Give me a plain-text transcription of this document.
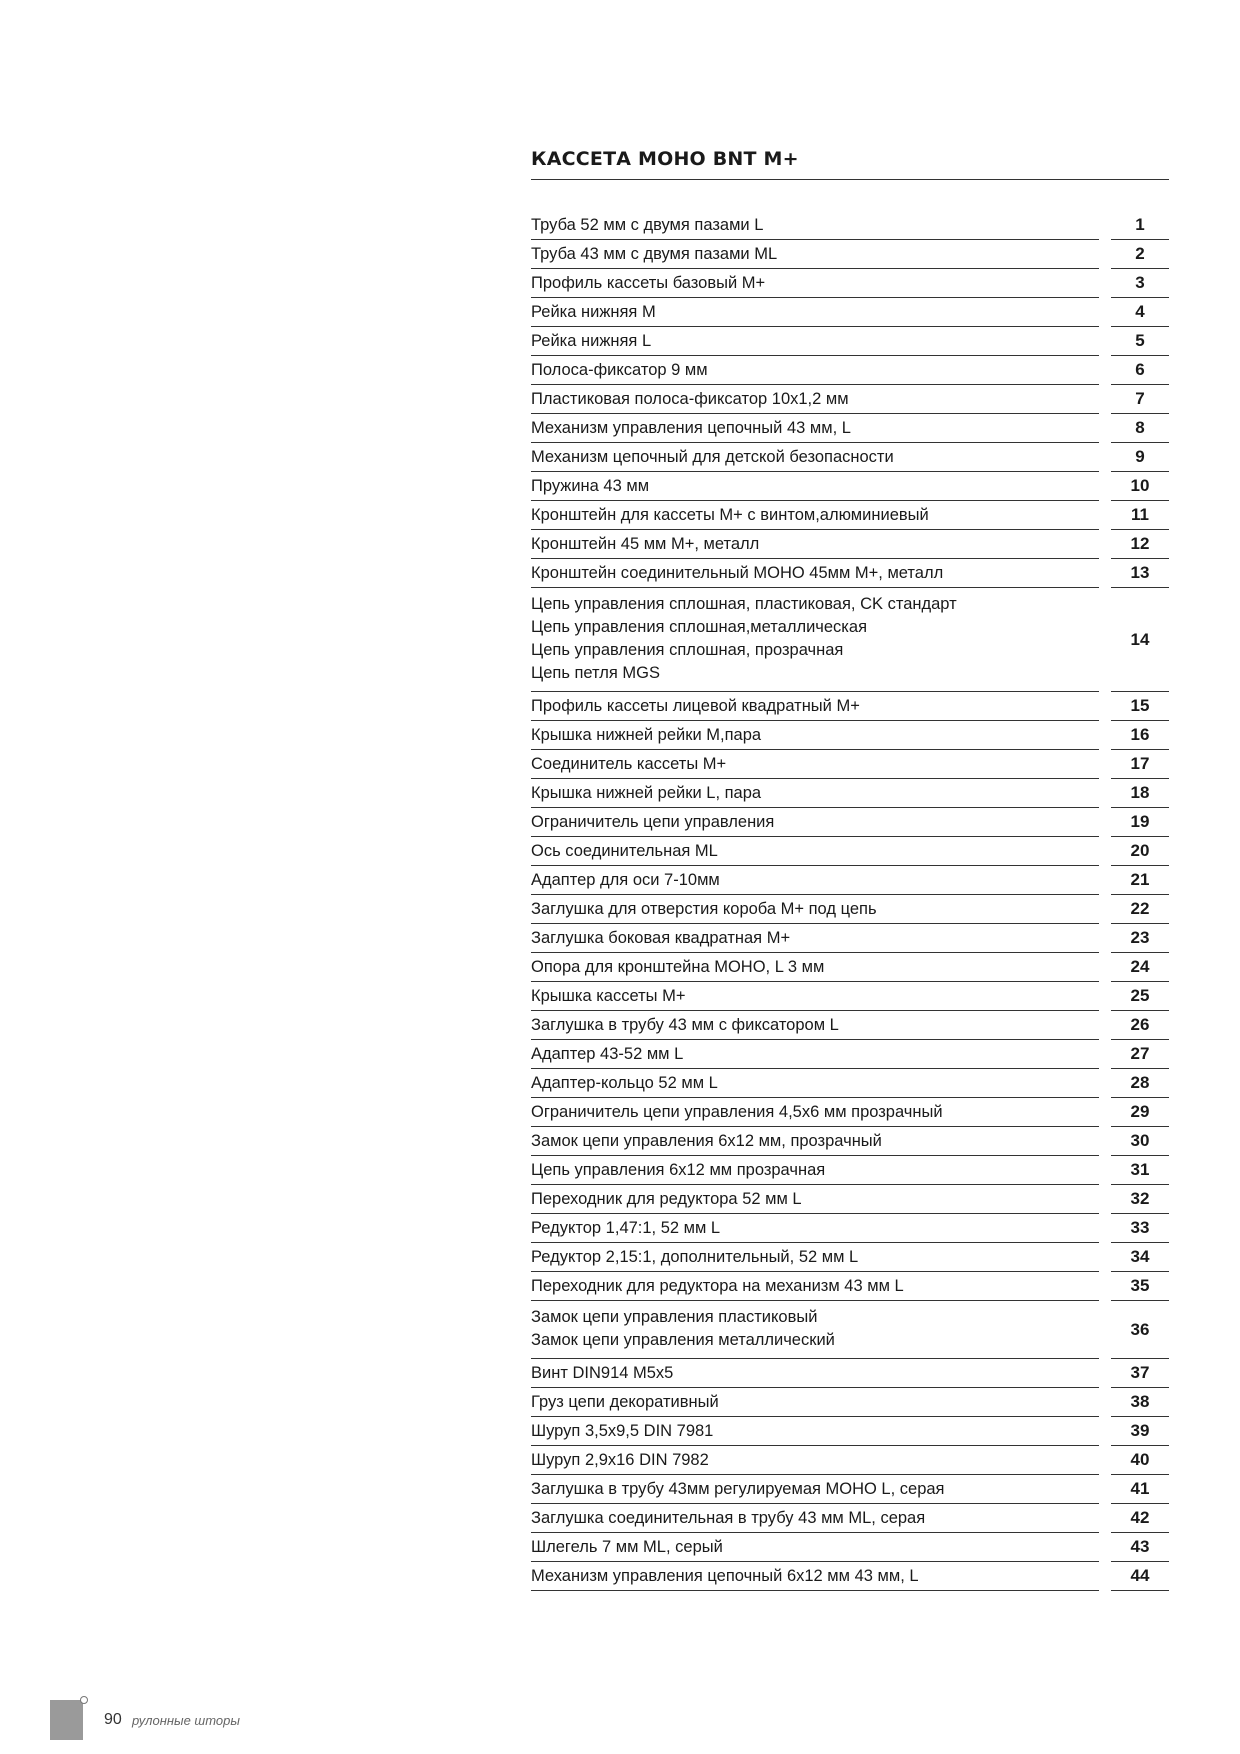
КАССЕТА МОНО BNT M+
Труба 52 мм с двумя пазами L		1

Труба 43 мм с двумя пазами ML		2

Профиль кассеты базовый M+		3

Рейка нижняя М		4

Рейка нижняя L		5

Полоса-фиксатор 9 мм		6

Пластиковая полоса-фиксатор 10x1,2 мм		7

Механизм управления цепочный 43 мм, L		8

Механизм цепочный для детской безопасности		9

Пружина 43 мм		10

Кронштейн для кассеты M+ с винтом,алюминиевый		11

Кронштейн 45 мм M+, металл		12

Кронштейн соединительный МОНО 45мм M+, металл		13

Цепь управления сплошная, пластиковая, CK стандарт
Цепь управления сплошная,металлическая
Цепь управления сплошная, прозрачная
Цепь петля MGS		14

Профиль кассеты лицевой квадратный M+		15

Крышка нижней рейки М,пара		16

Соединитель кассеты M+		17

Крышка нижней рейки L, пара		18

Ограничитель цепи управления		19

Ось соединительная ML		20

Адаптер для оси 7-10мм		21

Заглушка для отверстия короба M+ под цепь		22

Заглушка боковая квадратная M+		23

Опора для кронштейна МОНО, L 3 мм		24

Крышка кассеты M+		25

Заглушка в трубу 43 мм с фиксатором L		26

Адаптер 43-52 мм L		27

Адаптер-кольцо 52 мм L		28

Ограничитель цепи управления 4,5х6 мм прозрачный		29

Замок цепи управления 6х12 мм, прозрачный		30

Цепь управления 6х12 мм прозрачная		31

Переходник для редуктора 52 мм L		32

Редуктор 1,47:1, 52 мм L		33

Редуктор 2,15:1, дополнительный, 52 мм L		34

Переходник для редуктора на механизм 43 мм L		35

Замок цепи управления пластиковый
Замок цепи управления металлический		36

Винт DIN914 M5x5		37

Груз цепи декоративный		38

Шуруп 3,5x9,5 DIN 7981		39

Шуруп 2,9x16 DIN 7982		40

Заглушка в трубу 43мм регулируемая МОНО L, серая		41

Заглушка соединительная в трубу 43 мм ML, серая		42

Шлегель 7 мм ML, серый		43

Механизм управления цепочный 6х12 мм 43 мм, L		44
90 рулонные шторы
